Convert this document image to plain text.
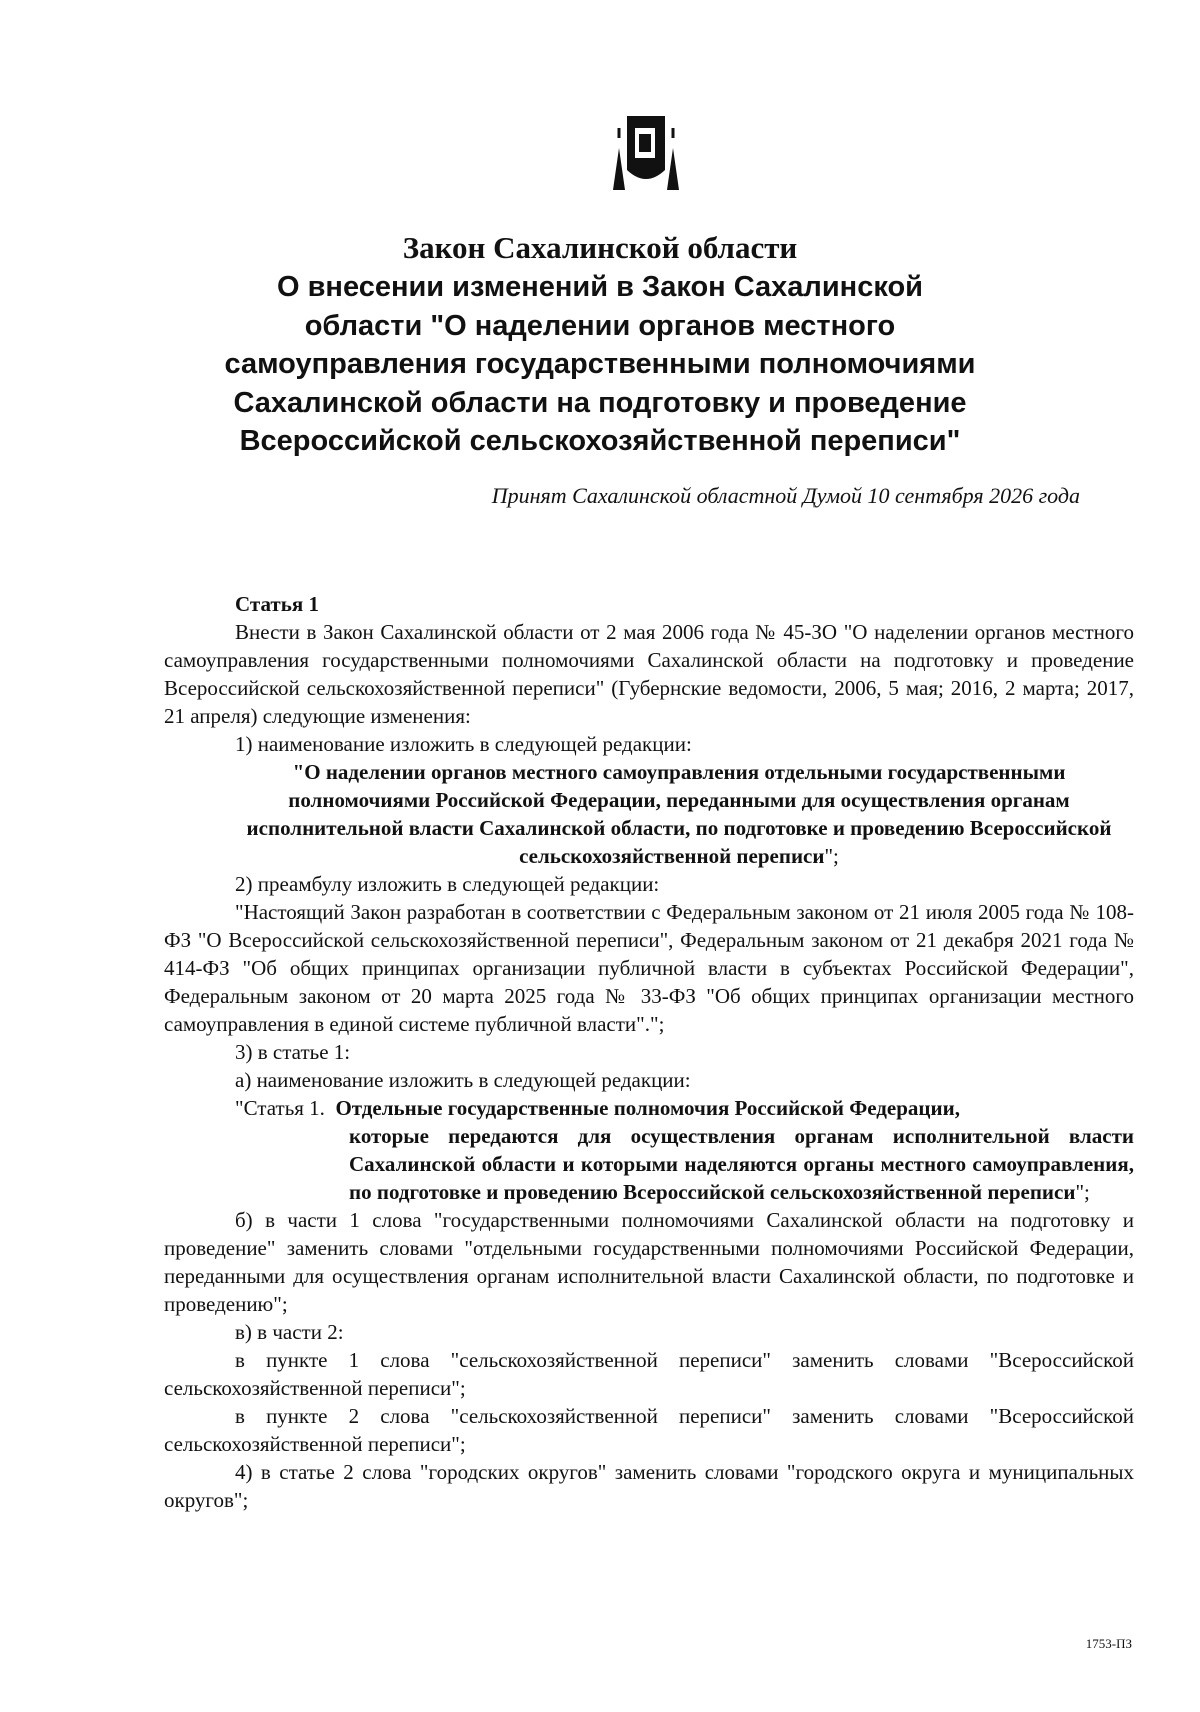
Закон Сахалинской области
О внесении изменений в Закон Сахалинской
области "О наделении органов местного
самоуправления государственными полномочиями
Сахалинской области на подготовку и проведение
Всероссийской сельскохозяйственной переписи"
Принят Сахалинской областной Думой 10 сентября 2026 года

Статья 1

Внести в Закон Сахалинской области от 2 мая 2006 года № 45-ЗО "О наделении органов местного самоуправления государственными полномочиями Сахалинской области на подготовку и проведение Всероссийской сельскохозяйственной переписи" (Губернские ведомости, 2006, 5 мая; 2016, 2 марта; 2017, 21 апреля) следующие изменения:

1) наименование изложить в следующей редакции:

"О наделении органов местного самоуправления отдельными государственными полномочиями Российской Федерации, переданными для осуществления органам исполнительной власти Сахалинской области, по подготовке и проведению Всероссийской сельскохозяйственной переписи";

2) преамбулу изложить в следующей редакции:

"Настоящий Закон разработан в соответствии с Федеральным законом от 21 июля 2005 года № 108-ФЗ "О Всероссийской сельскохозяйственной переписи", Федеральным законом от 21 декабря 2021 года № 414-ФЗ "Об общих принципах организации публичной власти в субъектах Российской Федерации", Федеральным законом от 20 марта 2025 года № 33-ФЗ "Об общих принципах организации местного самоуправления в единой системе публичной власти".";

3) в статье 1:

а) наименование изложить в следующей редакции:

"Статья 1.
Отдельные государственные полномочия Российской Федерации,

которые передаются для осуществления органам исполнительной власти Сахалинской области и которыми наделяются органы местного самоуправления, по подготовке и проведению Всероссийской сельскохозяйственной переписи";

б) в части 1 слова "государственными полномочиями Сахалинской области на подготовку и проведение" заменить словами "отдельными государственными полномочиями Российской Федерации, переданными для осуществления органам исполнительной власти Сахалинской области, по подготовке и проведению";

в) в части 2:

в пункте 1 слова "сельскохозяйственной переписи" заменить словами "Всероссийской сельскохозяйственной переписи";

в пункте 2 слова "сельскохозяйственной переписи" заменить словами "Всероссийской сельскохозяйственной переписи";

4) в статье 2 слова "городских округов" заменить словами "городского округа и муниципальных округов";

1753-ПЗ
